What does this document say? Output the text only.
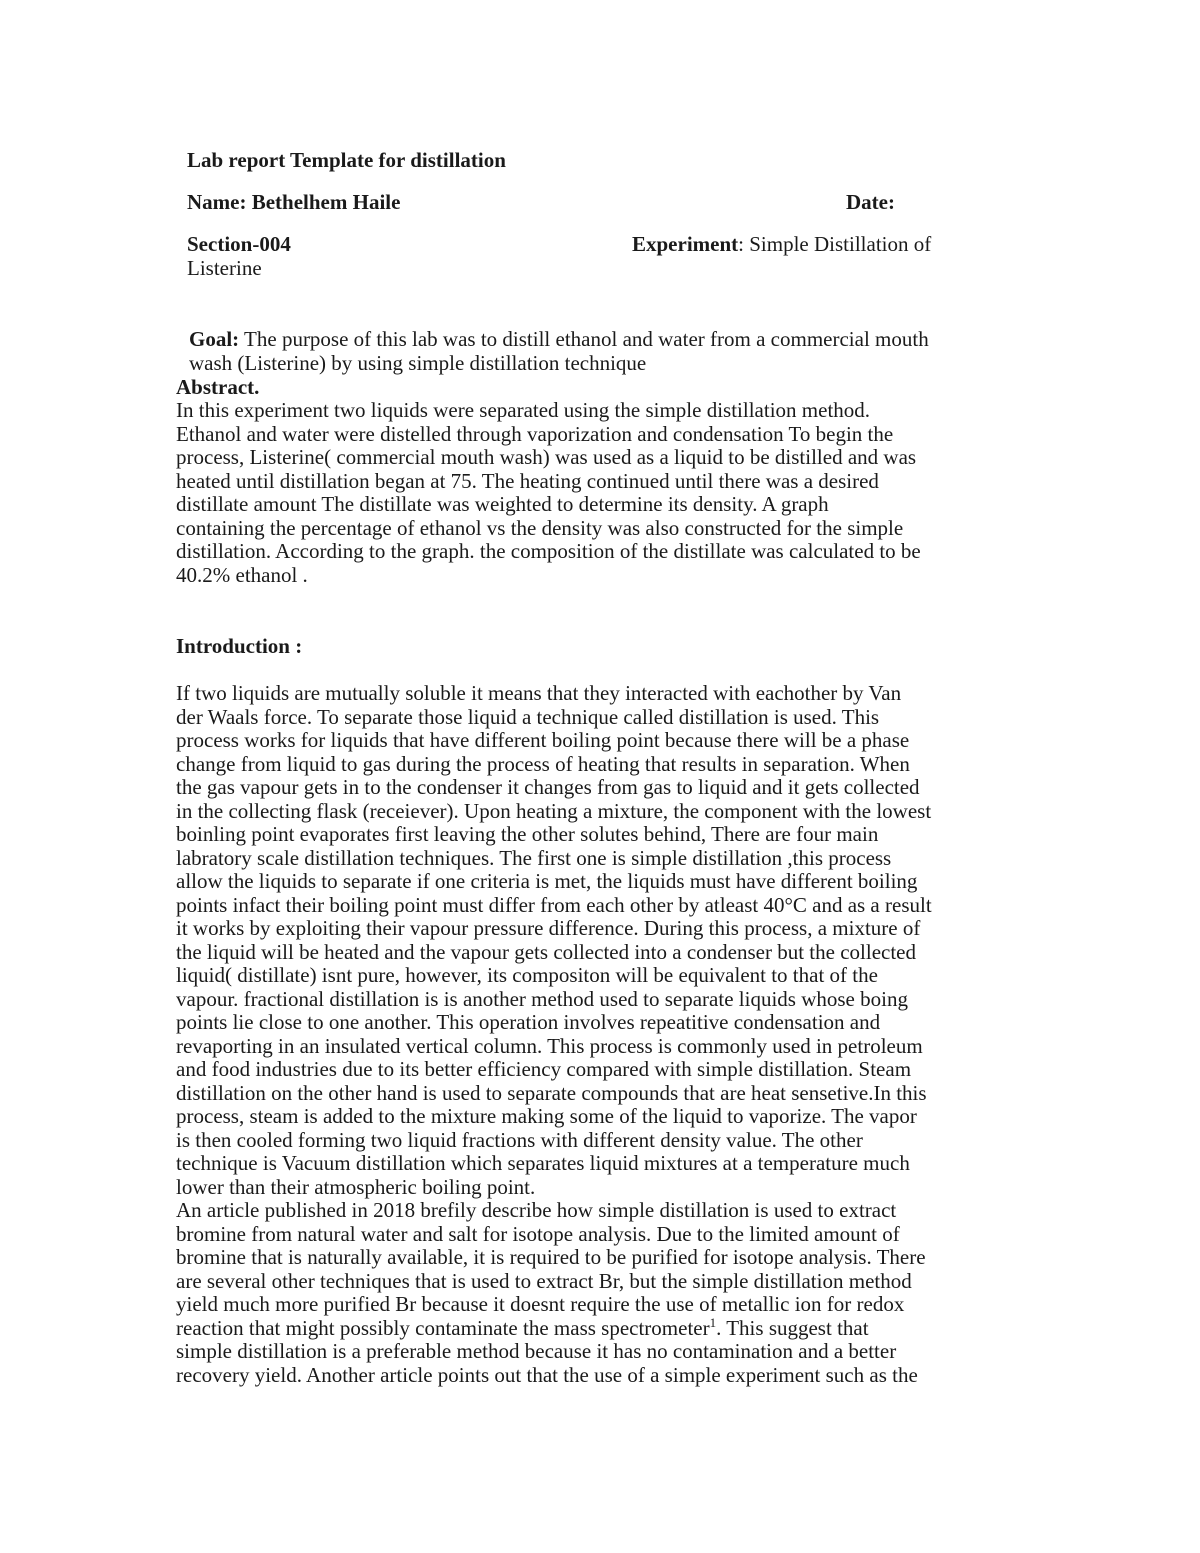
Lab report Template for distillation
Name: Bethelhem Haile	Date:
Section-004	Experiment: Simple Distillation of
Listerine
Goal: The purpose of this lab was to distill ethanol and water from a commercial mouth
wash (Listerine) by using simple distillation technique
Abstract.
In this experiment two liquids were separated using the simple distillation method.
Ethanol and water were distelled through vaporization and condensation To begin the
process, Listerine( commercial mouth wash) was used as a liquid to be distilled and was
heated until distillation began at 75. The heating continued until there was a desired
distillate amount The distillate was weighted to determine its density. A graph
containing the percentage of ethanol vs the density was also constructed for the simple
distillation. According to the graph. the composition of the distillate was calculated to be
40.2% ethanol .
Introduction :
If two liquids are mutually soluble it means that they interacted with eachother by Van
der Waals force. To separate those liquid a technique called distillation is used. This
process works for liquids that have different boiling point because there will be a phase
change from liquid to gas during the process of heating that results in separation. When
the gas vapour gets in to the condenser it changes from gas to liquid and it gets collected
in the collecting flask (receiever). Upon heating a mixture, the component with the lowest
boinling point evaporates first leaving the other solutes behind, There are four main
labratory scale distillation techniques. The first one is simple distillation ,this process
allow the liquids to separate if one criteria is met, the liquids must have different boiling
points infact their boiling point must differ from each other by atleast 40°C and as a result
it works by exploiting their vapour pressure difference. During this process, a mixture of
the liquid will be heated and the vapour gets collected into a condenser but the collected
liquid( distillate) isnt pure, however, its compositon will be equivalent to that of the
vapour. fractional distillation is is another method used to separate liquids whose boing
points lie close to one another. This operation involves repeatitive condensation and
revaporting in an insulated vertical column. This process is commonly used in petroleum
and food industries due to its better efficiency compared with simple distillation. Steam
distillation on the other hand is used to separate compounds that are heat sensetive.In this
process, steam is added to the mixture making some of the liquid to vaporize. The vapor
is then cooled forming two liquid fractions with different density value. The other
technique is Vacuum distillation which separates liquid mixtures at a temperature much
lower than their atmospheric boiling point.
An article published in 2018 brefily describe how simple distillation is used to extract
bromine from natural water and salt for isotope analysis. Due to the limited amount of
bromine that is naturally available, it is required to be purified for isotope analysis. There
are several other techniques that is used to extract Br, but the simple distillation method
yield much more purified Br because it doesnt require the use of metallic ion for redox
reaction that might possibly contaminate the mass spectrometer$^1$. This suggest that
simple distillation is a preferable method because it has no contamination and a better
recovery yield. Another article points out that the use of a simple experiment such as the
